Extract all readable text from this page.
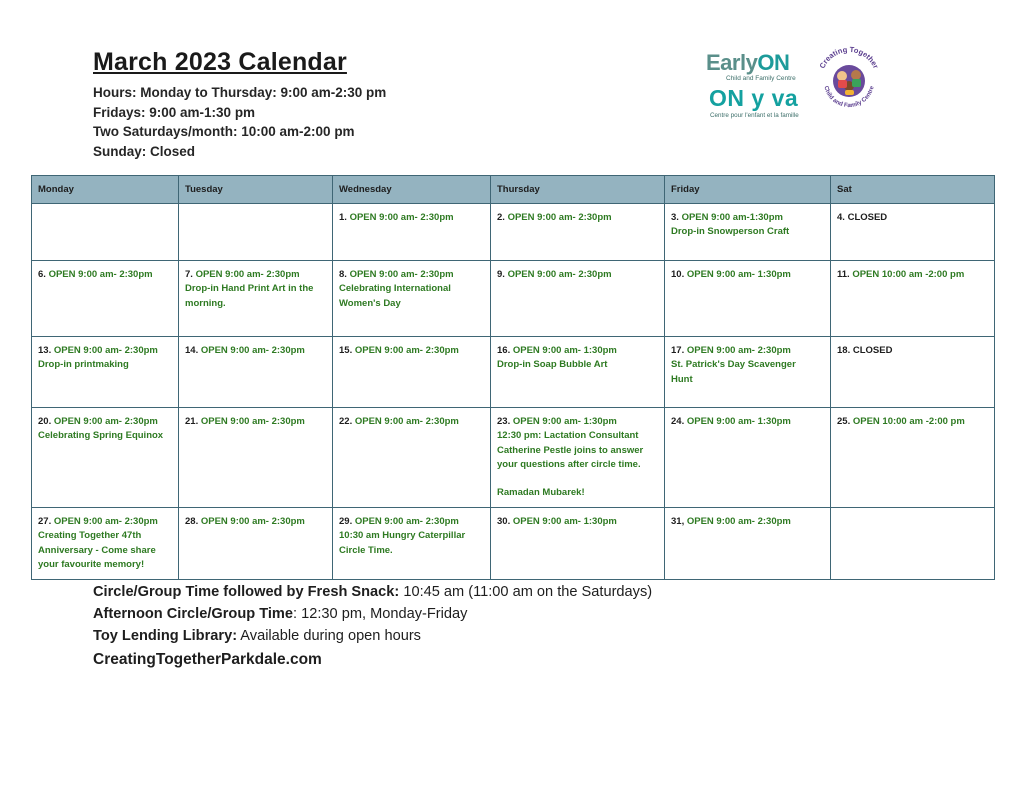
March 2023 Calendar
Hours: Monday to Thursday: 9:00 am-2:30 pm
Fridays: 9:00 am-1:30 pm
Two Saturdays/month: 10:00 am-2:00 pm
Sunday: Closed
EarlyON
Child and Family Centre
ON y va
Centre pour l'enfant et la famille
Creating Together
Child and Family Centre
Monday	Tuesday	Wednesday	Thursday	Friday	Sat
		1. OPEN 9:00 am- 2:30pm	2. OPEN 9:00 am- 2:30pm	3. OPEN 9:00 am-1:30pm
Drop-in Snowperson Craft	4. CLOSED
6. OPEN 9:00 am- 2:30pm	7. OPEN 9:00 am- 2:30pm
Drop-in Hand Print Art in the
morning.	8. OPEN 9:00 am- 2:30pm
Celebrating International
Women's Day	9. OPEN 9:00 am- 2:30pm	10. OPEN 9:00 am- 1:30pm	11. OPEN 10:00 am -2:00 pm
13. OPEN 9:00 am- 2:30pm
Drop-in printmaking	14. OPEN 9:00 am- 2:30pm	15. OPEN 9:00 am- 2:30pm	16. OPEN 9:00 am- 1:30pm
Drop-in Soap Bubble Art	17. OPEN 9:00 am- 2:30pm
St. Patrick's Day Scavenger
Hunt	18. CLOSED
20. OPEN 9:00 am- 2:30pm
Celebrating Spring Equinox	21. OPEN 9:00 am- 2:30pm	22. OPEN 9:00 am- 2:30pm	23. OPEN 9:00 am- 1:30pm
12:30 pm: Lactation Consultant
Catherine Pestle joins to answer
your questions after circle time.

Ramadan Mubarek!	24. OPEN 9:00 am- 1:30pm	25. OPEN 10:00 am -2:00 pm
27. OPEN 9:00 am- 2:30pm
Creating Together 47th
Anniversary - Come share
your favourite memory!	28. OPEN 9:00 am- 2:30pm	29. OPEN 9:00 am- 2:30pm
10:30 am Hungry Caterpillar
Circle Time.	30. OPEN 9:00 am- 1:30pm	31, OPEN 9:00 am- 2:30pm	
Circle/Group Time followed by Fresh Snack: 10:45 am (11:00 am on the Saturdays)
Afternoon Circle/Group Time: 12:30 pm, Monday-Friday
Toy Lending Library: Available during open hours
CreatingTogetherParkdale.com
